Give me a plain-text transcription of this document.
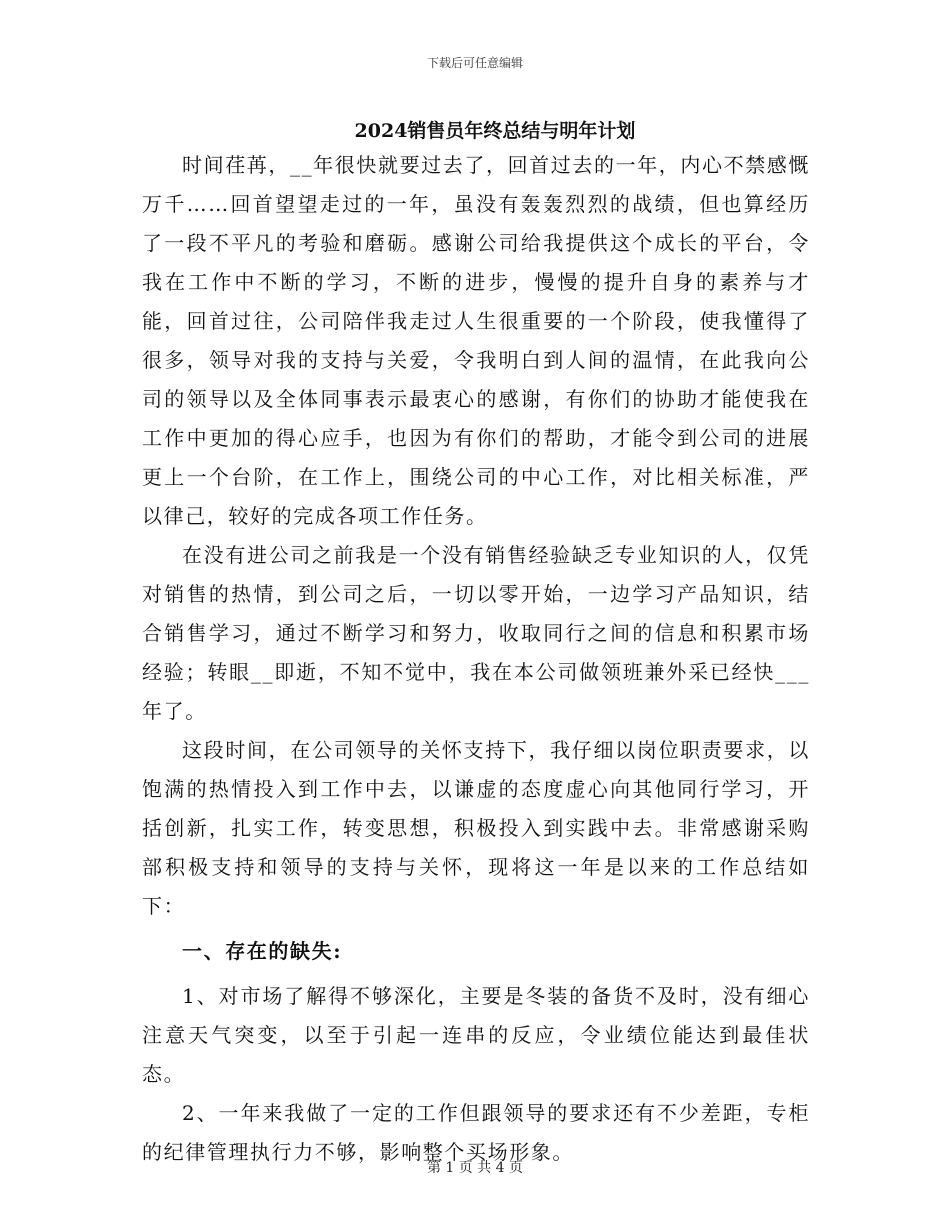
下载后可任意编辑
2024销售员年终总结与明年计划

时间荏苒，__年很快就要过去了，回首过去的一年，内心不禁感慨万千……回首望望走过的一年，虽没有轰轰烈烈的战绩，但也算经历了一段不平凡的考验和磨砺。感谢公司给我提供这个成长的平台，令我在工作中不断的学习，不断的进步，慢慢的提升自身的素养与才能，回首过往，公司陪伴我走过人生很重要的一个阶段，使我懂得了很多，领导对我的支持与关爱，令我明白到人间的温情，在此我向公司的领导以及全体同事表示最衷心的感谢，有你们的协助才能使我在工作中更加的得心应手，也因为有你们的帮助，才能令到公司的进展更上一个台阶，在工作上，围绕公司的中心工作，对比相关标准，严以律己，较好的完成各项工作任务。

在没有进公司之前我是一个没有销售经验缺乏专业知识的人，仅凭对销售的热情，到公司之后，一切以零开始，一边学习产品知识，结合销售学习，通过不断学习和努力，收取同行之间的信息和积累市场经验；转眼__即逝，不知不觉中，我在本公司做领班兼外采已经快___年了。

这段时间，在公司领导的关怀支持下，我仔细以岗位职责要求，以饱满的热情投入到工作中去，以谦虚的态度虚心向其他同行学习，开括创新，扎实工作，转变思想，积极投入到实践中去。非常感谢采购部积极支持和领导的支持与关怀，现将这一年是以来的工作总结如下：

一、存在的缺失:

1、对市场了解得不够深化，主要是冬装的备货不及时，没有细心注意天气突变，以至于引起一连串的反应，令业绩位能达到最佳状态。

2、一年来我做了一定的工作但跟领导的要求还有不少差距，专柜的纪律管理执行力不够，影响整个买场形象。

第 1 页 共 4 页
